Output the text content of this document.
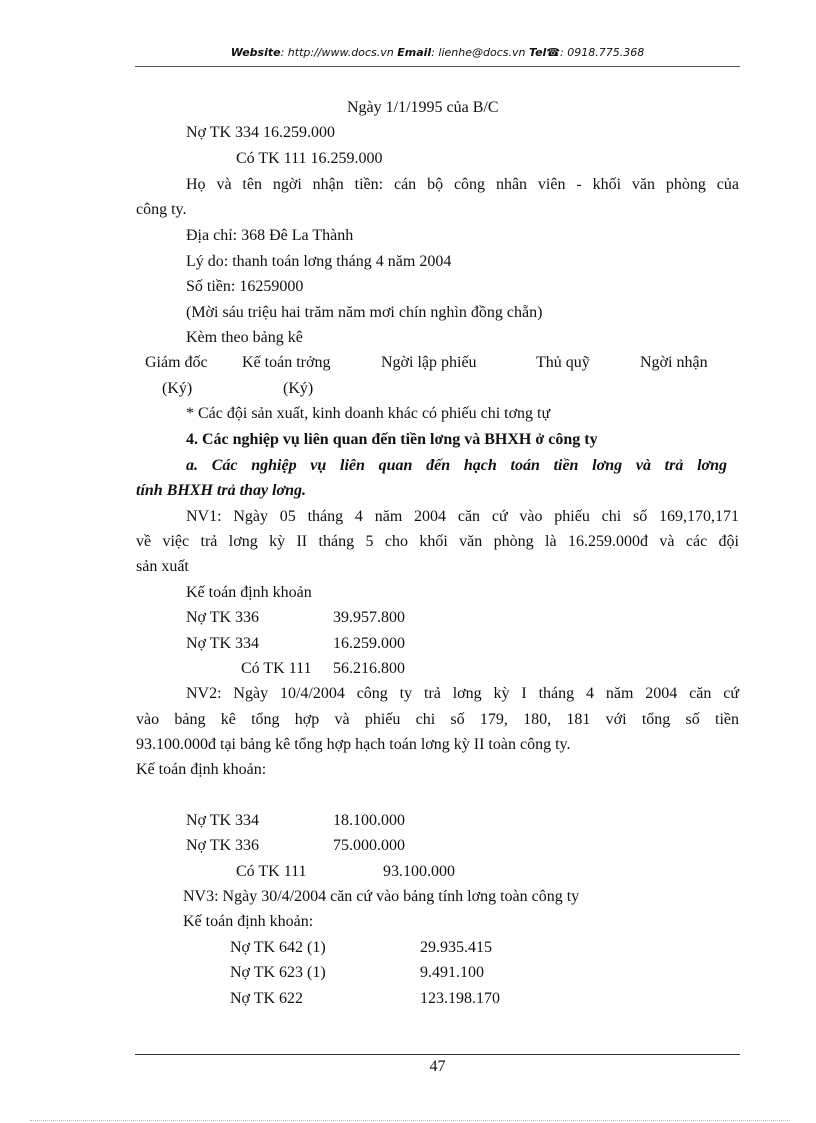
Website: http://www.docs.vn Email: lienhe@docs.vn Tel☎: 0918.775.368
Ngày 1/1/1995 của B/C
Nợ TK 334 16.259.000
Có TK 111 16.259.000
Họ và tên ngời nhận tiền: cán bộ công nhân viên - khối văn phòng của
công ty.
Địa chỉ: 368 Đê La Thành
Lý do: thanh toán lơng tháng 4 năm 2004
Số tiền: 16259000
(Mời sáu triệu hai trăm năm mơi chín nghìn đồng chẵn)
Kèm theo bảng kê
Giám đốc Kế toán trởng	Ngời lập phiếu	Thủ quỹ	Ngời nhận
(Ký)	(Ký)
* Các đội sản xuất, kinh doanh khác có phiếu chi tơng tự
4. Các nghiệp vụ liên quan đến tiền lơng và BHXH ở công ty
a. Các nghiệp vụ liên quan đến hạch toán tiền lơng và trả lơng
tính BHXH trả thay lơng.
NV1: Ngày 05 tháng 4 năm 2004 căn cứ vào phiếu chi số 169,170,171
về việc trả lơng kỳ II tháng 5 cho khối văn phòng là 16.259.000đ và các đội
sản xuất
Kế toán định khoản
Nợ TK 336	39.957.800
Nợ TK 334	16.259.000
Có TK 111 56.216.800
NV2: Ngày 10/4/2004 công ty trả lơng kỳ I tháng 4 năm 2004 căn cứ
vào bảng kê tổng hợp và phiếu chi số 179, 180, 181 với tổng số tiền
93.100.000đ tại bảng kê tổng hợp hạch toán lơng kỳ II toàn công ty.
Kế toán định khoản:
Nợ TK 334	18.100.000
Nợ TK 336	75.000.000
Có TK 111	93.100.000
NV3: Ngày 30/4/2004 căn cứ vào bảng tính lơng toàn công ty
Kế toán định khoản:
Nợ TK 642 (1)	29.935.415
Nợ TK 623 (1)	9.491.100
Nợ TK 622	123.198.170
47
